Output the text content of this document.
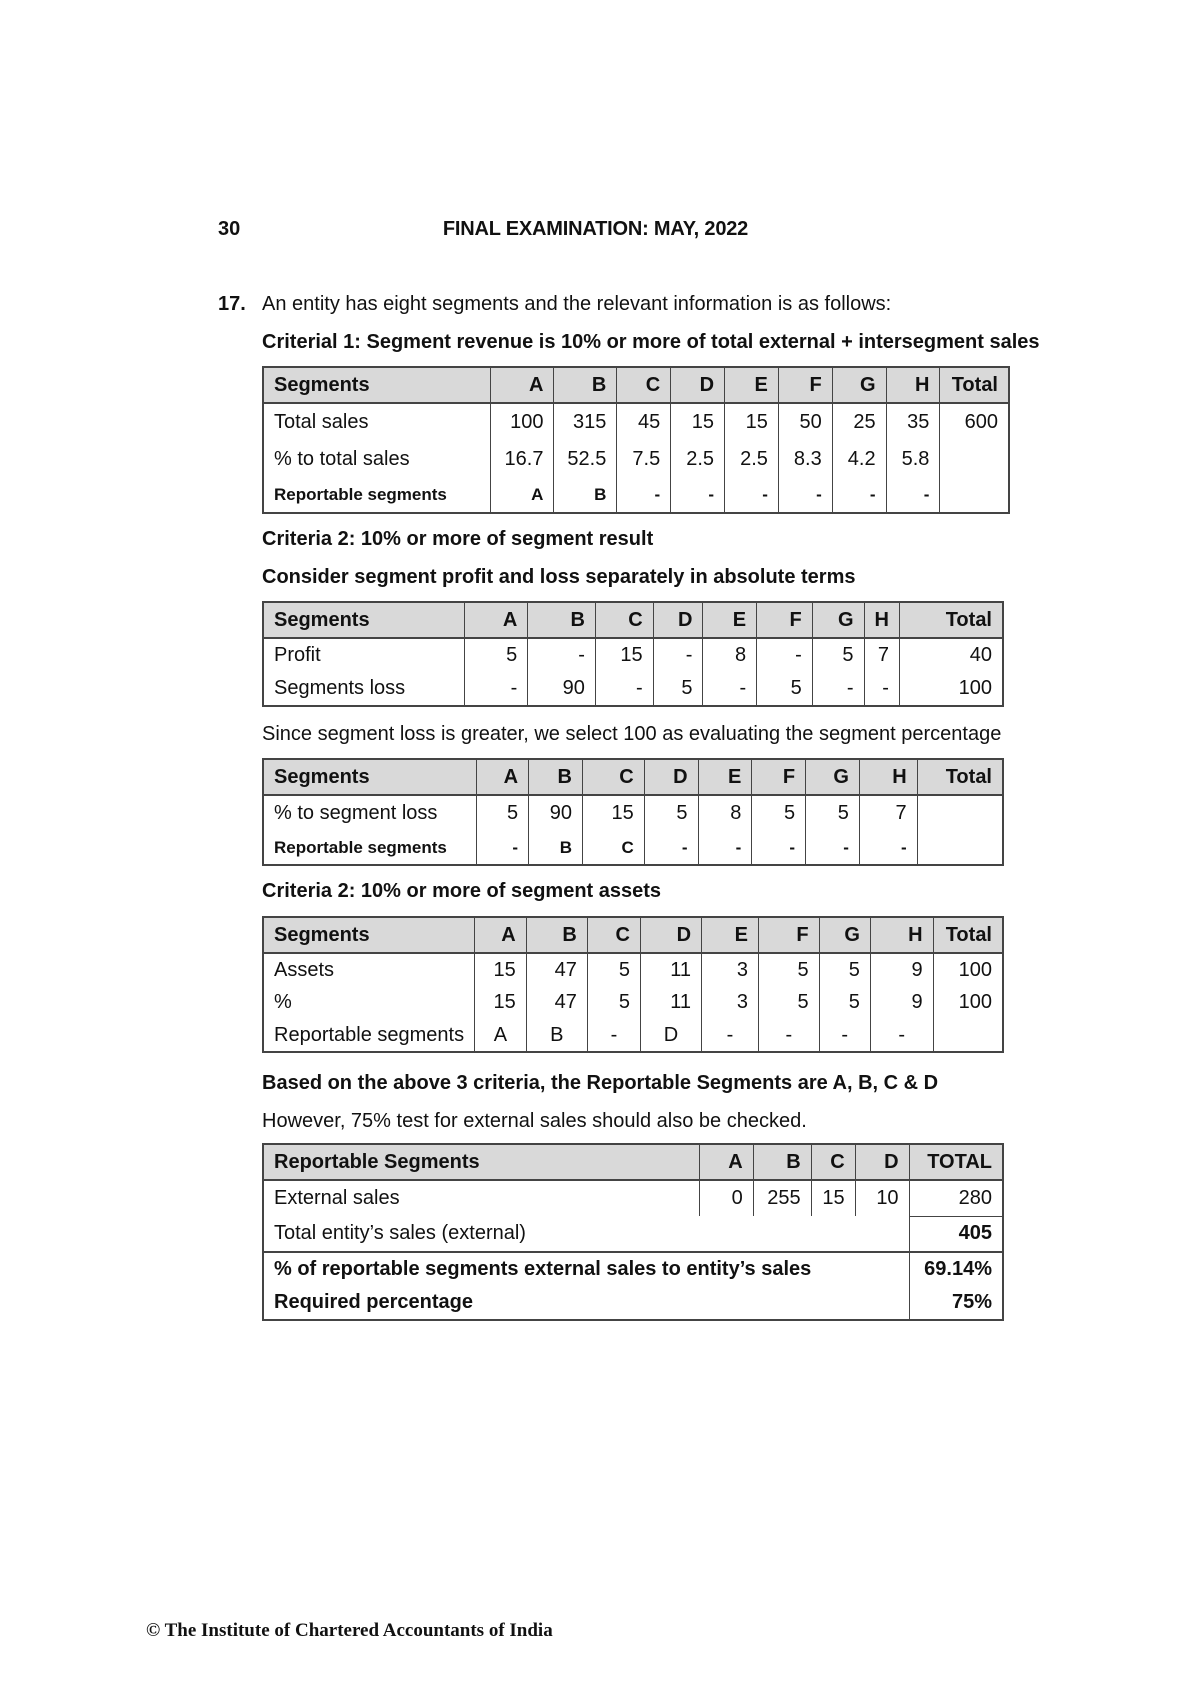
30	FINAL EXAMINATION: MAY, 2022
17. An entity has eight segments and the relevant information is as follows:
Criterial 1: Segment revenue is 10% or more of total external + intersegment sales
Segments	A	B	C	D	E	F	G	H	Total
Total sales	100	315	45	15	15	50	25	35	600
% to total sales	16.7	52.5	7.5	2.5	2.5	8.3	4.2	5.8	
Reportable segments	A	B	-	-	-	-	-	-	
Criteria 2: 10% or more of segment result
Consider segment profit and loss separately in absolute terms
Segments	A	B	C	D	E	F	G	H	Total
Profit	5	-	15	-	8	-	5	7	40
Segments loss	-	90	-	5	-	5	-	-	100
Since segment loss is greater, we select 100 as evaluating the segment percentage
Segments	A	B	C	D	E	F	G	H	Total
% to segment loss	5	90	15	5	8	5	5	7	
Reportable segments	-	B	C	-	-	-	-	-	
Criteria 2: 10% or more of segment assets
Segments	A	B	C	D	E	F	G	H	Total
Assets	15	47	5	11	3	5	5	9	100
%	15	47	5	11	3	5	5	9	100
Reportable segments	A	B	-	D	-	-	-	-	
Based on the above 3 criteria, the Reportable Segments are A, B, C & D
However, 75% test for external sales should also be checked.
Reportable Segments	A	B	C	D	TOTAL
External sales	0	255	15	10	280
Total entity’s sales (external)					405
% of reportable segments external sales to entity’s sales					69.14%
Required percentage					75%
© The Institute of Chartered Accountants of India
